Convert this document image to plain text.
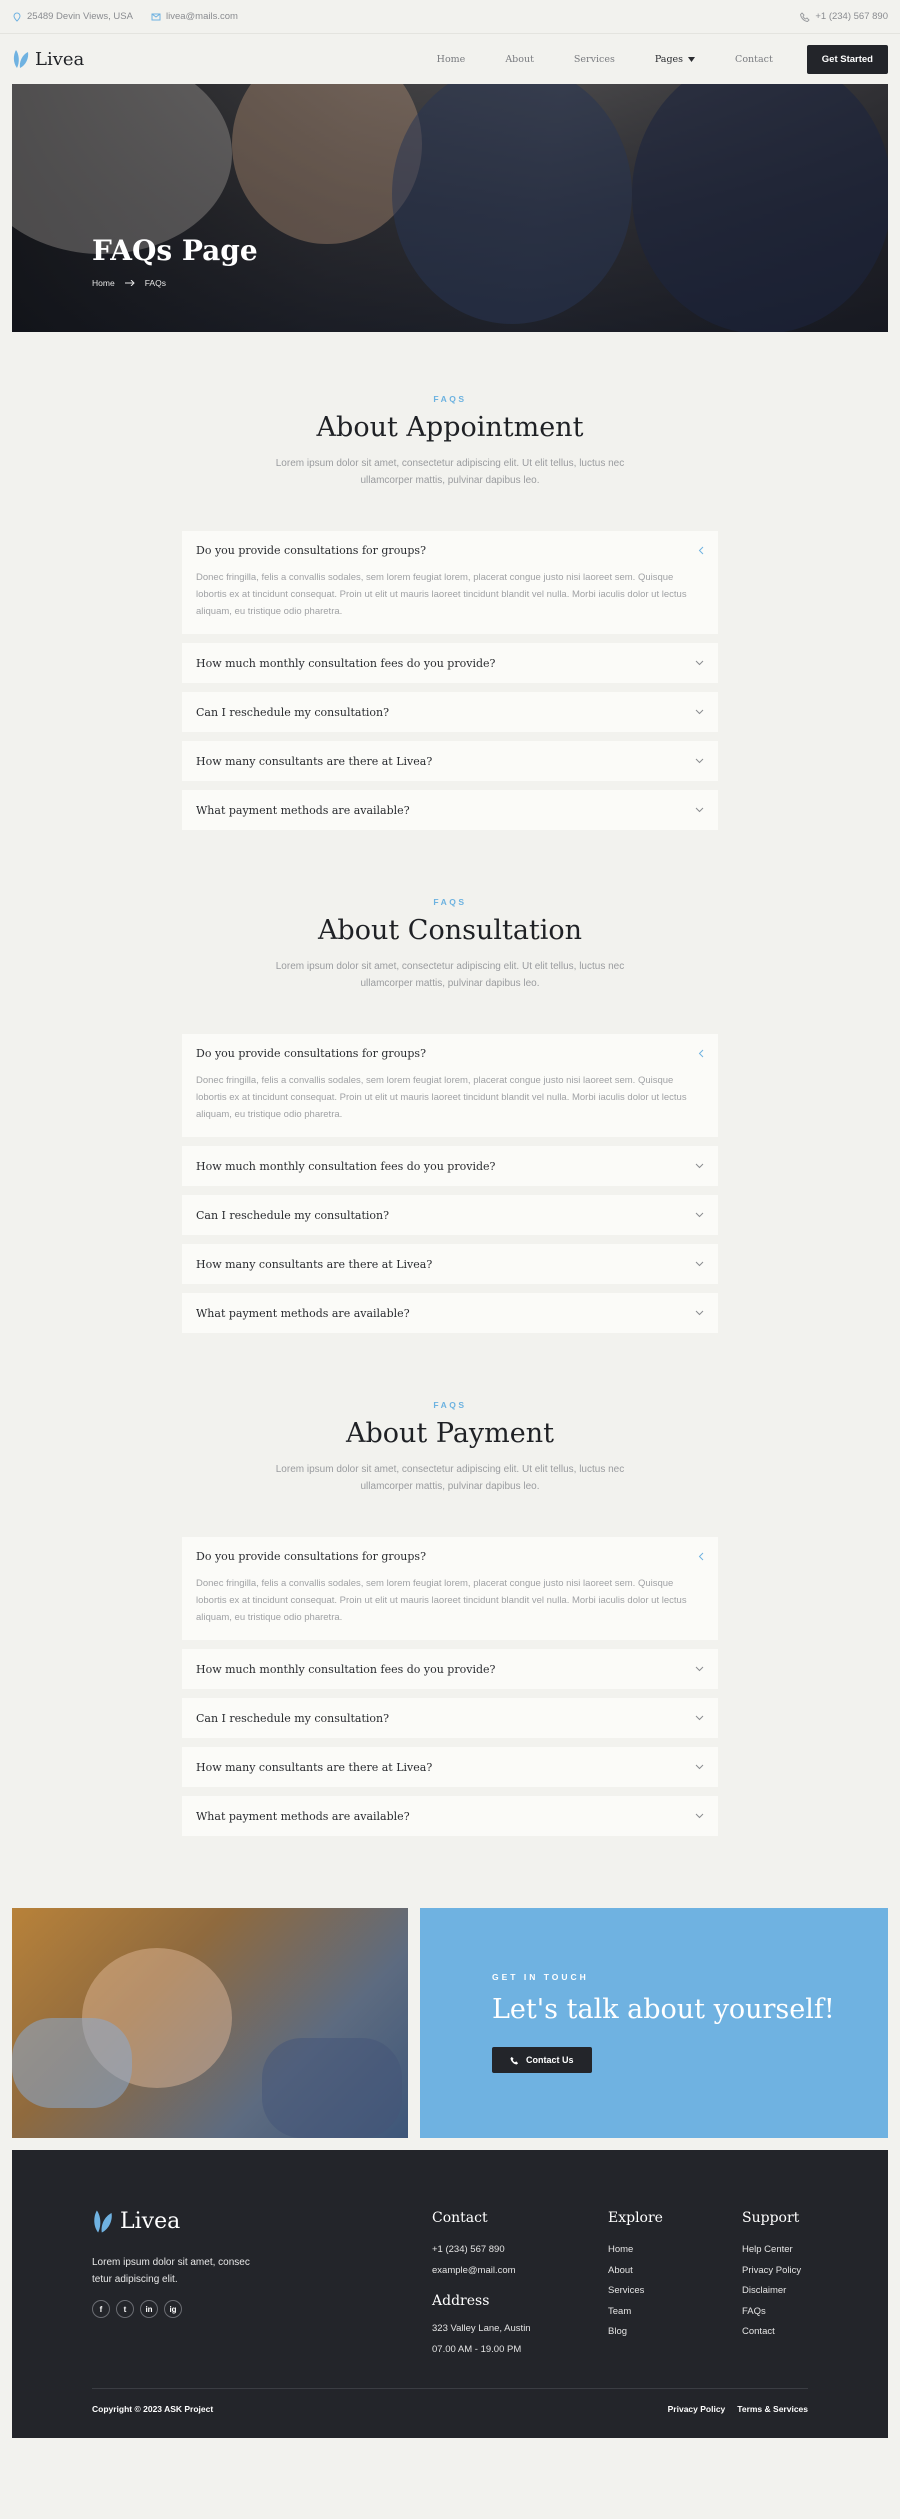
25489 Devin Views, USA	livea@mails.com	+1 (234) 567 890
Livea	Home	About	Services	Pages	Contact	Get Started
FAQs Page
Home	FAQs
FAQS
About Appointment

Lorem ipsum dolor sit amet, consectetur adipiscing elit. Ut elit tellus, luctus nec ullamcorper mattis, pulvinar dapibus leo.

Do you provide consultations for groups?
Donec fringilla, felis a convallis sodales, sem lorem feugiat lorem, placerat congue justo nisi laoreet sem. Quisque lobortis ex at tincidunt consequat. Proin ut elit ut mauris laoreet tincidunt blandit vel nulla. Morbi iaculis dolor ut lectus aliquam, eu tristique odio pharetra.
How much monthly consultation fees do you provide?
Can I reschedule my consultation?
How many consultants are there at Livea?
What payment methods are available?
FAQS
About Consultation

Lorem ipsum dolor sit amet, consectetur adipiscing elit. Ut elit tellus, luctus nec ullamcorper mattis, pulvinar dapibus leo.

Do you provide consultations for groups?
Donec fringilla, felis a convallis sodales, sem lorem feugiat lorem, placerat congue justo nisi laoreet sem. Quisque lobortis ex at tincidunt consequat. Proin ut elit ut mauris laoreet tincidunt blandit vel nulla. Morbi iaculis dolor ut lectus aliquam, eu tristique odio pharetra.
How much monthly consultation fees do you provide?
Can I reschedule my consultation?
How many consultants are there at Livea?
What payment methods are available?
FAQS
About Payment

Lorem ipsum dolor sit amet, consectetur adipiscing elit. Ut elit tellus, luctus nec ullamcorper mattis, pulvinar dapibus leo.

Do you provide consultations for groups?
Donec fringilla, felis a convallis sodales, sem lorem feugiat lorem, placerat congue justo nisi laoreet sem. Quisque lobortis ex at tincidunt consequat. Proin ut elit ut mauris laoreet tincidunt blandit vel nulla. Morbi iaculis dolor ut lectus aliquam, eu tristique odio pharetra.
How much monthly consultation fees do you provide?
Can I reschedule my consultation?
How many consultants are there at Livea?
What payment methods are available?
GET IN TOUCH
Let's talk about yourself!
Contact Us
Livea
Lorem ipsum dolor sit amet, consec tetur adipiscing elit.
f	t	in	ig
Contact
+1 (234) 567 890
example@mail.com
Address
323 Valley Lane, Austin
07.00 AM - 19.00 PM
Explore
Home
About
Services
Team
Blog
Support
Help Center
Privacy Policy
Disclaimer
FAQs
Contact
Copyright © 2023 ASK Project	Privacy Policy Terms & Services
